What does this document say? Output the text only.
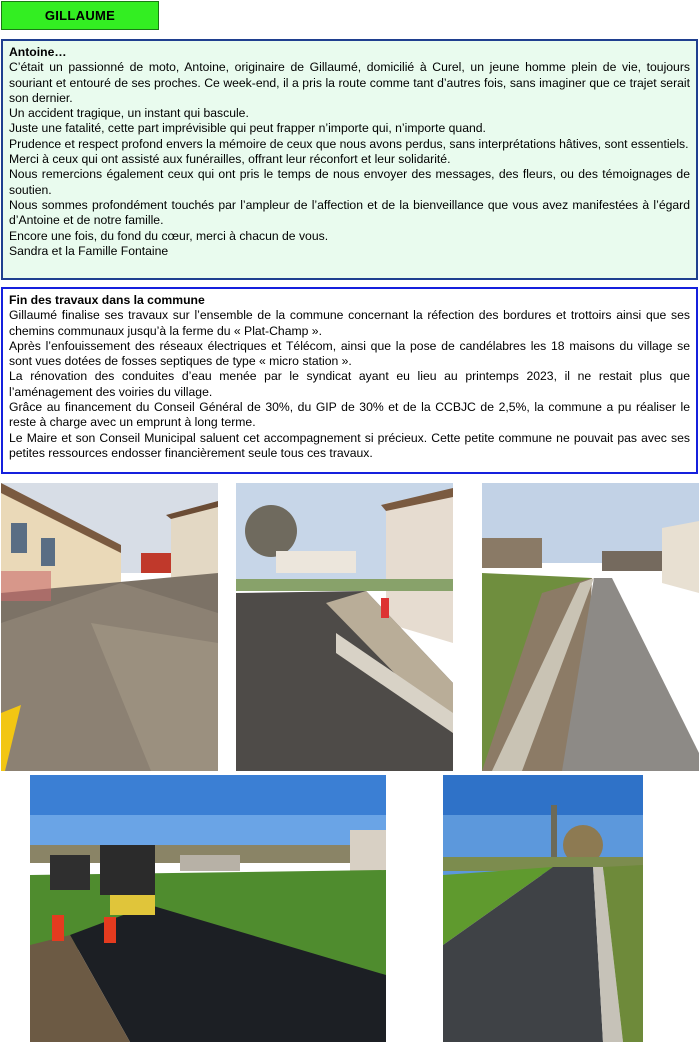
GILLAUME

Antoine…

C’était un passionné de moto, Antoine, originaire de Gillaumé, domicilié à Curel, un jeune homme plein de vie, toujours souriant et entouré de ses proches. Ce week-end, il a pris la route comme tant d’autres fois, sans imaginer que ce trajet serait son dernier.

Un accident tragique, un instant qui bascule.

Juste une fatalité, cette part imprévisible qui peut frapper n’importe qui, n’importe quand.

Prudence et respect profond envers la mémoire de ceux que nous avons perdus, sans interprétations hâtives, sont essentiels.

Merci à ceux qui ont assisté aux funérailles, offrant leur réconfort et leur solidarité.

Nous remercions également ceux qui ont pris le temps de nous envoyer des messages, des fleurs, ou des témoignages de soutien.

Nous sommes profondément touchés par l’ampleur de l’affection et de la bienveillance que vous avez manifestées à l’égard d’Antoine et de notre famille.

Encore une fois, du fond du cœur, merci à chacun de vous.

Sandra et la Famille Fontaine

Fin des travaux dans la commune

Gillaumé finalise ses travaux sur l’ensemble de la commune concernant la réfection des bordures et trottoirs ainsi que ses chemins communaux jusqu’à la ferme du « Plat-Champ ».

Après l’enfouissement des réseaux électriques et Télécom, ainsi que la pose de candélabres les 18 maisons du village se sont vues dotées de fosses septiques de type « micro station ».

La rénovation des conduites d’eau menée par le syndicat ayant eu lieu au printemps 2023, il ne restait plus que l’aménagement des voiries du village.

Grâce au financement du Conseil Général de 30%, du GIP de 30% et de la CCBJC de 2,5%, la commune a pu réaliser le reste à charge avec un emprunt à long terme.

Le Maire et son Conseil Municipal saluent cet accompagnement si précieux. Cette petite commune ne pouvait pas avec ses petites ressources endosser financièrement seule tous ces travaux.
